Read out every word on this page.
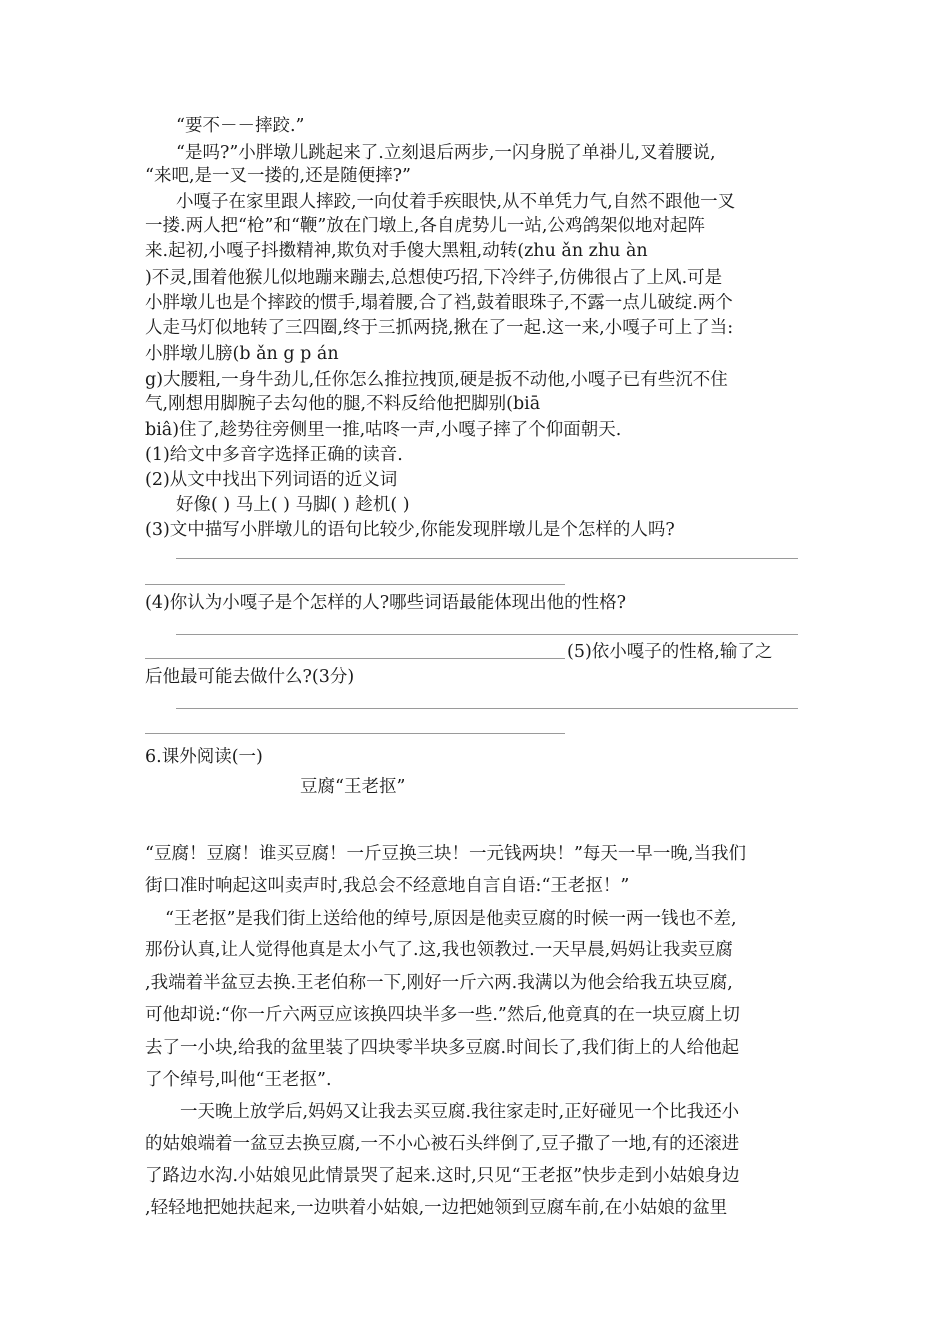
“要不－－摔跤.”

“是吗?”小胖墩儿跳起来了.立刻退后两步,一闪身脱了单褂儿,叉着腰说,

“来吧,是一叉一搂的,还是随便摔?”

小嘎子在家里跟人摔跤,一向仗着手疾眼快,从不单凭力气,自然不跟他一叉

一搂.两人把“枪”和“鞭”放在门墩上,各自虎势儿一站,公鸡鸽架似地对起阵

来.起初,小嘎子抖擞精神,欺负对手傻大黑粗,动转(zhu ǎn zhu àn

)不灵,围着他猴儿似地蹦来蹦去,总想使巧招,下冷绊子,仿佛很占了上风.可是

小胖墩儿也是个摔跤的惯手,塌着腰,合了裆,鼓着眼珠子,不露一点儿破绽.两个

人走马灯似地转了三四圈,终于三抓两挠,揪在了一起.这一来,小嘎子可上了当:

小胖墩儿膀(b ǎn g p án

g)大腰粗,一身牛劲儿,任你怎么推拉拽顶,硬是扳不动他,小嘎子已有些沉不住

气,刚想用脚腕子去勾他的腿,不料反给他把脚别(biā

biâ)住了,趁势往旁侧里一推,咕咚一声,小嘎子摔了个仰面朝天.

(1)给文中多音字选择正确的读音.

(2)从文中找出下列词语的近义词

好像( ) 马上( ) 马脚( ) 趁机( )

(3)文中描写小胖墩儿的语句比较少,你能发现胖墩儿是个怎样的人吗?

(4)你认为小嘎子是个怎样的人?哪些词语最能体现出他的性格?

(5)依小嘎子的性格,输了之

后他最可能去做什么?(3分)

6.课外阅读(一)

豆腐“王老抠”

“豆腐！豆腐！谁买豆腐！一斤豆换三块！一元钱两块！”每天一早一晚,当我们

街口准时响起这叫卖声时,我总会不经意地自言自语:“王老抠！”

“王老抠”是我们街上送给他的绰号,原因是他卖豆腐的时候一两一钱也不差,

那份认真,让人觉得他真是太小气了.这,我也领教过.一天早晨,妈妈让我卖豆腐

,我端着半盆豆去换.王老伯称一下,刚好一斤六两.我满以为他会给我五块豆腐,

可他却说:“你一斤六两豆应该换四块半多一些.”然后,他竟真的在一块豆腐上切

去了一小块,给我的盆里装了四块零半块多豆腐.时间长了,我们街上的人给他起

了个绰号,叫他“王老抠”.

一天晚上放学后,妈妈又让我去买豆腐.我往家走时,正好碰见一个比我还小

的姑娘端着一盆豆去换豆腐,一不小心被石头绊倒了,豆子撒了一地,有的还滚进

了路边水沟.小姑娘见此情景哭了起来.这时,只见“王老抠”快步走到小姑娘身边

,轻轻地把她扶起来,一边哄着小姑娘,一边把她领到豆腐车前,在小姑娘的盆里
